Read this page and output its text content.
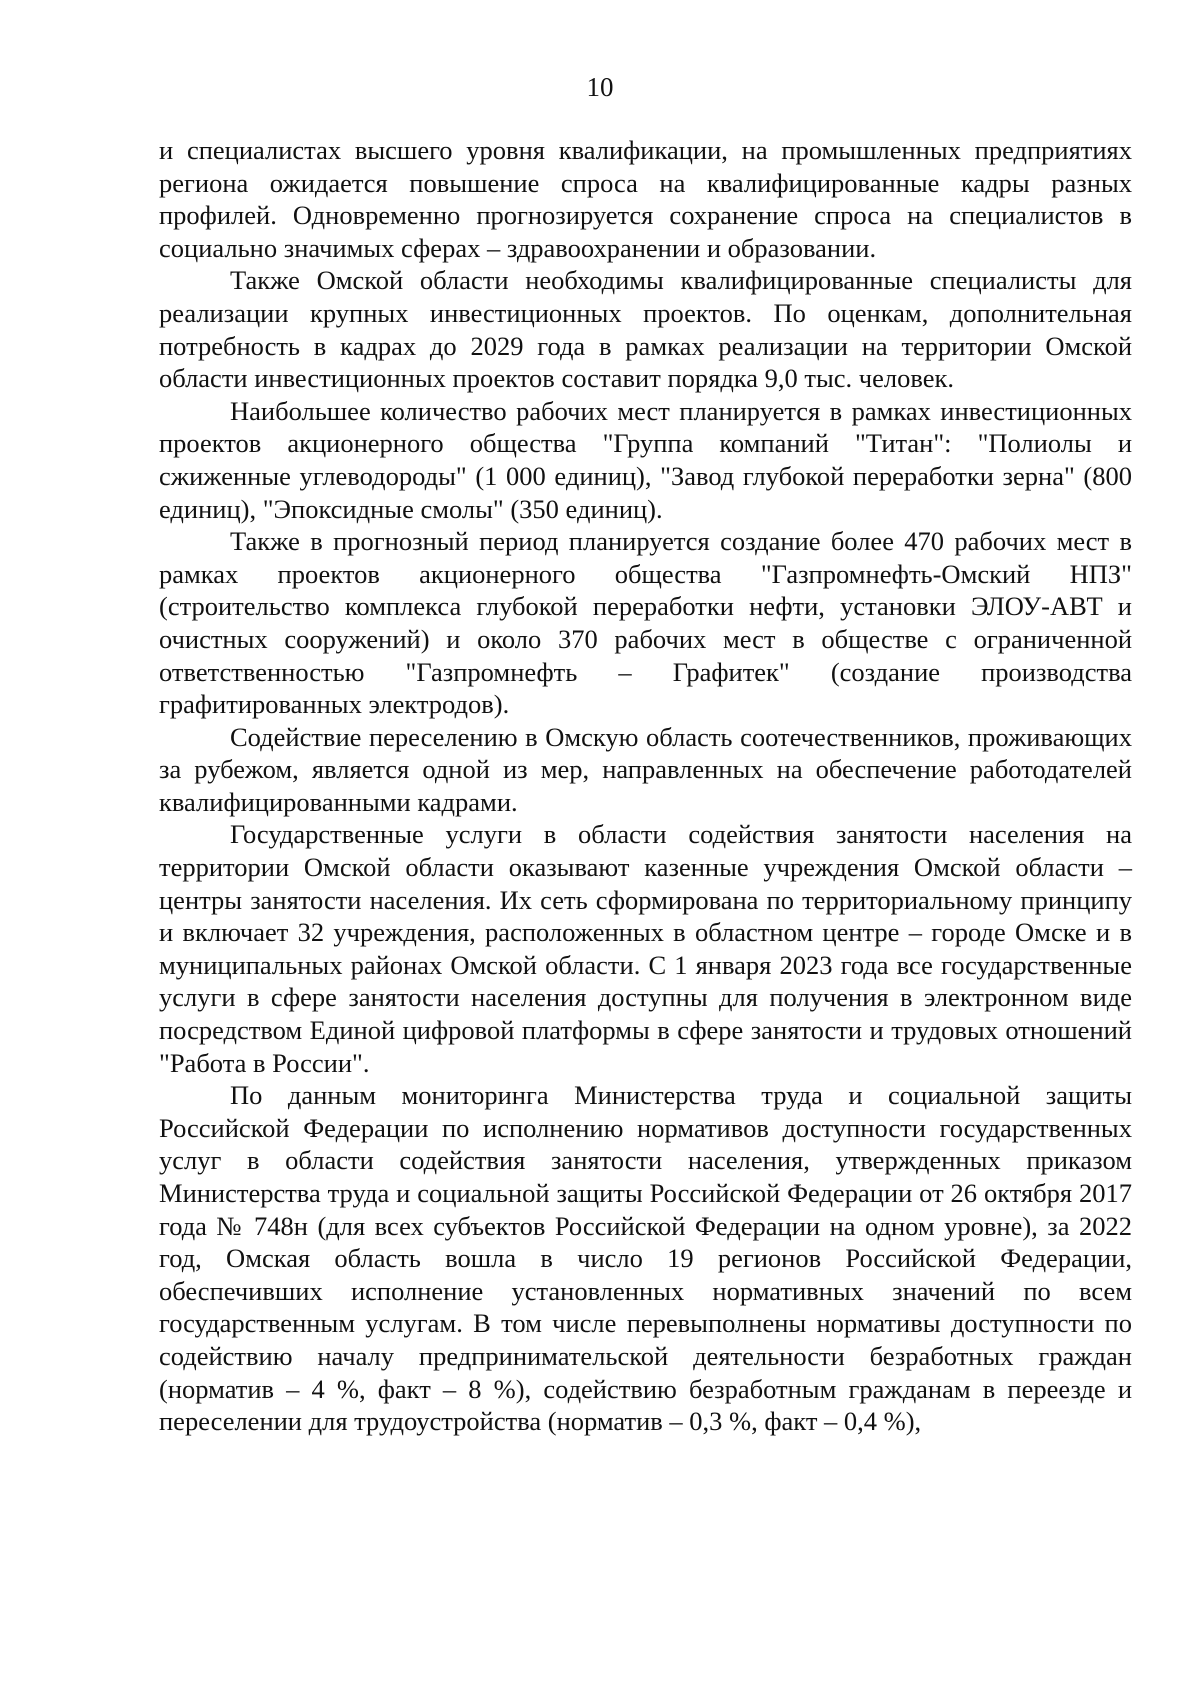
10

и специалистах высшего уровня квалификации, на промышленных предприятиях региона ожидается повышение спроса на квалифицированные кадры разных профилей. Одновременно прогнозируется сохранение спроса на специалистов в социально значимых сферах – здравоохранении и образовании.

Также Омской области необходимы квалифицированные специалисты для реализации крупных инвестиционных проектов. По оценкам, дополнительная потребность в кадрах до 2029 года в рамках реализации на территории Омской области инвестиционных проектов составит порядка 9,0 тыс. человек.

Наибольшее количество рабочих мест планируется в рамках инвестиционных проектов акционерного общества "Группа компаний "Титан": "Полиолы и сжиженные углеводороды" (1 000 единиц), "Завод глубокой переработки зерна" (800 единиц), "Эпоксидные смолы" (350 единиц).

Также в прогнозный период планируется создание более 470 рабочих мест в рамках проектов акционерного общества "Газпромнефть-Омский НПЗ" (строительство комплекса глубокой переработки нефти, установки ЭЛОУ-АВТ и очистных сооружений) и около 370 рабочих мест в обществе с ограниченной ответственностью "Газпромнефть – Графитек" (создание производства графитированных электродов).

Содействие переселению в Омскую область соотечественников, проживающих за рубежом, является одной из мер, направленных на обеспечение работодателей квалифицированными кадрами.

Государственные услуги в области содействия занятости населения на территории Омской области оказывают казенные учреждения Омской области – центры занятости населения. Их сеть сформирована по территориальному принципу и включает 32 учреждения, расположенных в областном центре – городе Омске и в муниципальных районах Омской области. С 1 января 2023 года все государственные услуги в сфере занятости населения доступны для получения в электронном виде посредством Единой цифровой платформы в сфере занятости и трудовых отношений "Работа в России".

По данным мониторинга Министерства труда и социальной защиты Российской Федерации по исполнению нормативов доступности государственных услуг в области содействия занятости населения, утвержденных приказом Министерства труда и социальной защиты Российской Федерации от 26 октября 2017 года № 748н (для всех субъектов Российской Федерации на одном уровне), за 2022 год, Омская область вошла в число 19 регионов Российской Федерации, обеспечивших исполнение установленных нормативных значений по всем государственным услугам. В том числе перевыполнены нормативы доступности по содействию началу предпринимательской деятельности безработных граждан (норматив – 4 %, факт – 8 %), содействию безработным гражданам в переезде и переселении для трудоустройства (норматив – 0,3 %, факт – 0,4 %),
